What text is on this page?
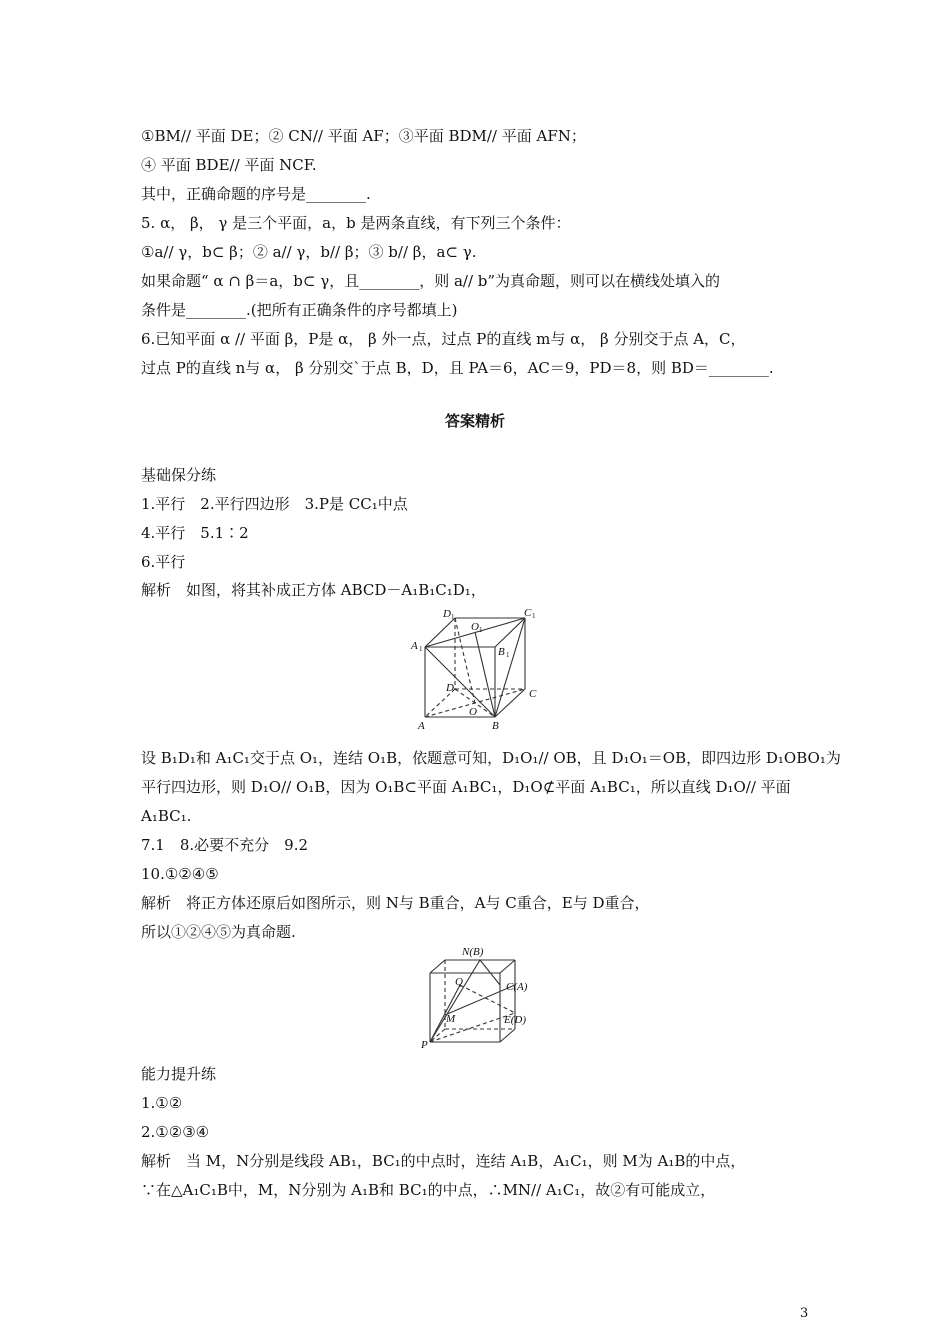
①BM// 平面 DE；② CN// 平面 AF；③平面 BDM// 平面 AFN；
④ 平面 BDE// 平面 NCF.
其中，正确命题的序号是________.
5. α， β， γ 是三个平面，a，b 是两条直线，有下列三个条件：
①a// γ，b⊂ β；② a// γ，b// β；③ b// β，a⊂ γ.
如果命题“ α ∩ β＝a，b⊂ γ，且________，则 a// b”为真命题，则可以在横线处填入的
条件是________.(把所有正确条件的序号都填上)
6.已知平面 α // 平面 β，P是 α， β 外一点，过点 P的直线 m与 α， β 分别交于点 A，C，
过点 P的直线 n与 α， β 分别交`于点 B，D，且 PA＝6，AC＝9，PD＝8，则 BD＝________.
答案精析
基础保分练
1.平行　2.平行四边形　3.P是 CC₁中点
4.平行　5.1∶2
6.平行
解析　如图，将其补成正方体 ABCD－A₁B₁C₁D₁，
D 1
O 1
C 1
A 1	B 1
D	C
A
O
B
设 B₁D₁和 A₁C₁交于点 O₁，连结 O₁B，依题意可知，D₁O₁// OB，且 D₁O₁＝OB，即四边形 D₁OBO₁为
平行四边形，则 D₁O// O₁B，因为 O₁B⊂平面 A₁BC₁，D₁O⊄平面 A₁BC₁，所以直线 D₁O// 平面
A₁BC₁.
7.1　8.必要不充分　9.2
10.①②④⑤
解析　将正方体还原后如图所示，则 N与 B重合，A与 C重合，E与 D重合，
所以①②④⑤为真命题.
N(B)
Q	C(A)
E(D)
M
P
能力提升练
1.①②
2.①②③④
解析　当 M，N分别是线段 AB₁，BC₁的中点时，连结 A₁B，A₁C₁，则 M为 A₁B的中点，
∵在△A₁C₁B中，M，N分别为 A₁B和 BC₁的中点，∴MN// A₁C₁，故②有可能成立，
3
